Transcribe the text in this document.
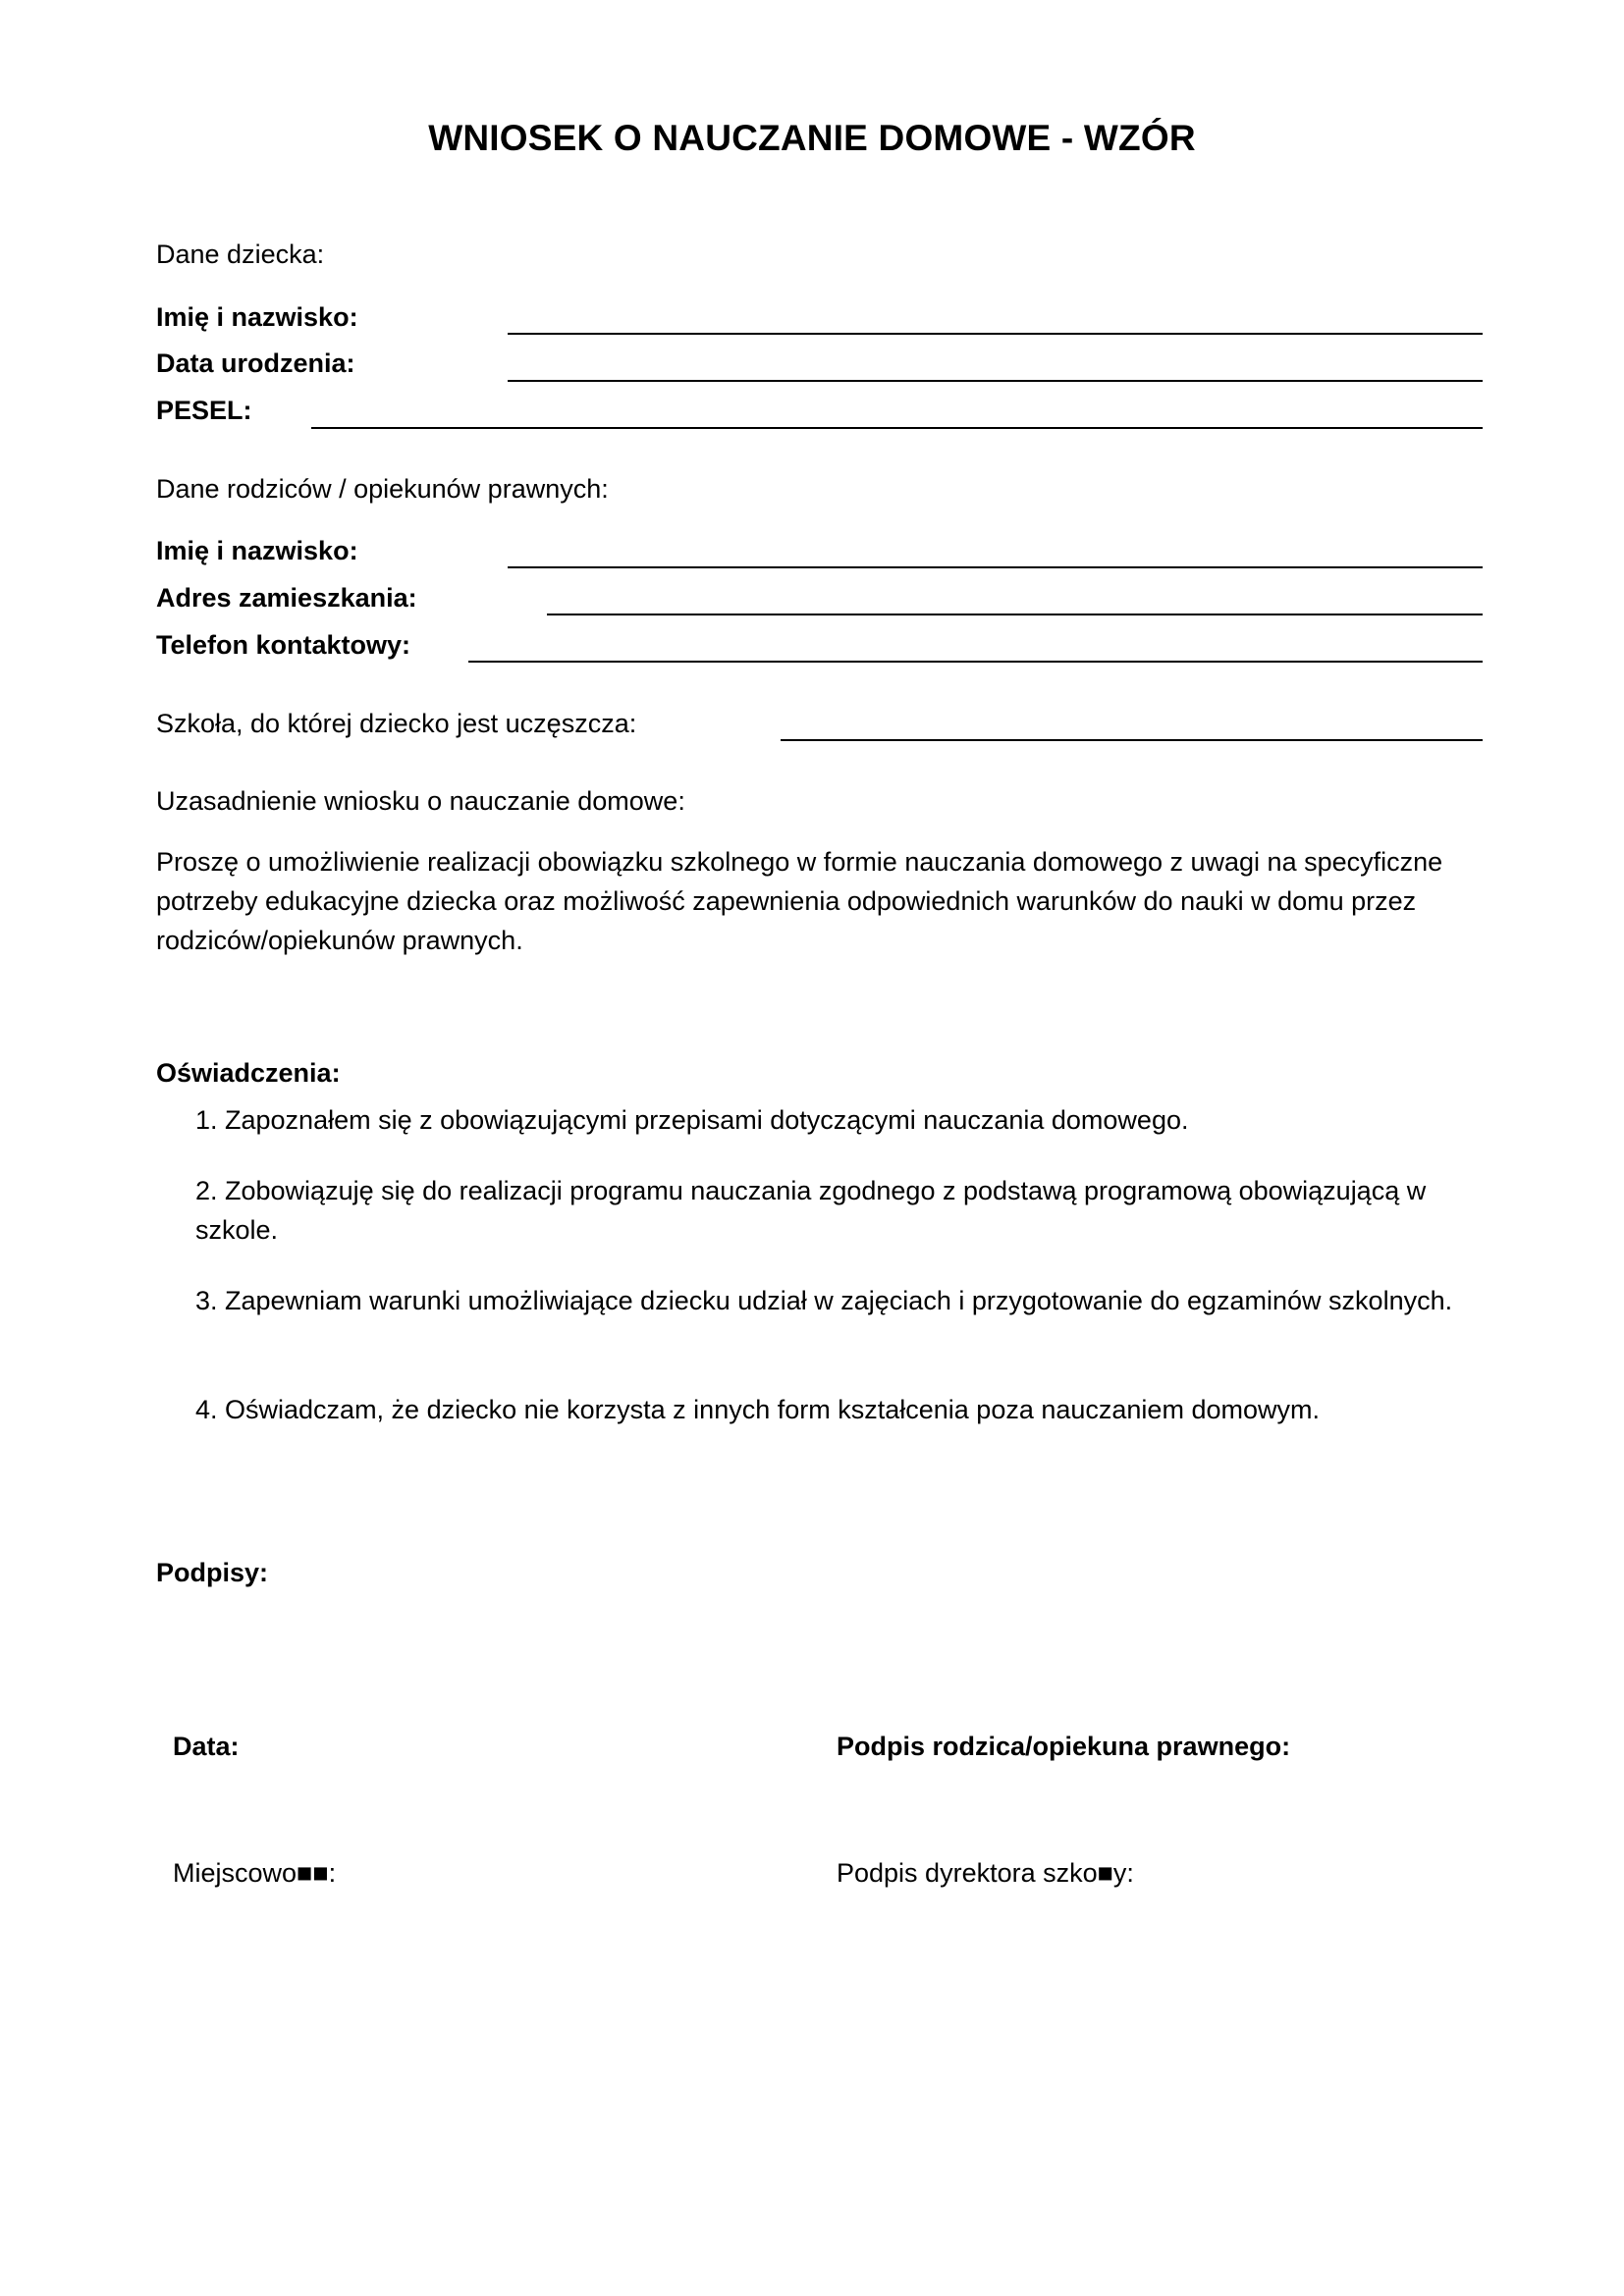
WNIOSEK O NAUCZANIE DOMOWE - WZÓR
Dane dziecka:
Imię i nazwisko:
Data urodzenia:
PESEL:
Dane rodziców / opiekunów prawnych:
Imię i nazwisko:
Adres zamieszkania:
Telefon kontaktowy:
Szkoła, do której dziecko jest uczęszcza:
Uzasadnienie wniosku o nauczanie domowe:
Proszę o umożliwienie realizacji obowiązku szkolnego w formie nauczania domowego z uwagi na specyficzne potrzeby edukacyjne dziecka oraz możliwość zapewnienia odpowiednich warunków do nauki w domu przez rodziców/opiekunów prawnych.
Oświadczenia:
1. Zapoznałem się z obowiązującymi przepisami dotyczącymi nauczania domowego.
2. Zobowiązuję się do realizacji programu nauczania zgodnego z podstawą programową obowiązującą w szkole.
3. Zapewniam warunki umożliwiające dziecku udział w zajęciach i przygotowanie do egzaminów szkolnych.
4. Oświadczam, że dziecko nie korzysta z innych form kształcenia poza nauczaniem domowym.
Podpisy:
Data:	Podpis rodzica/opiekuna prawnego:
Miejscowo■■:	Podpis dyrektora szko■y:
